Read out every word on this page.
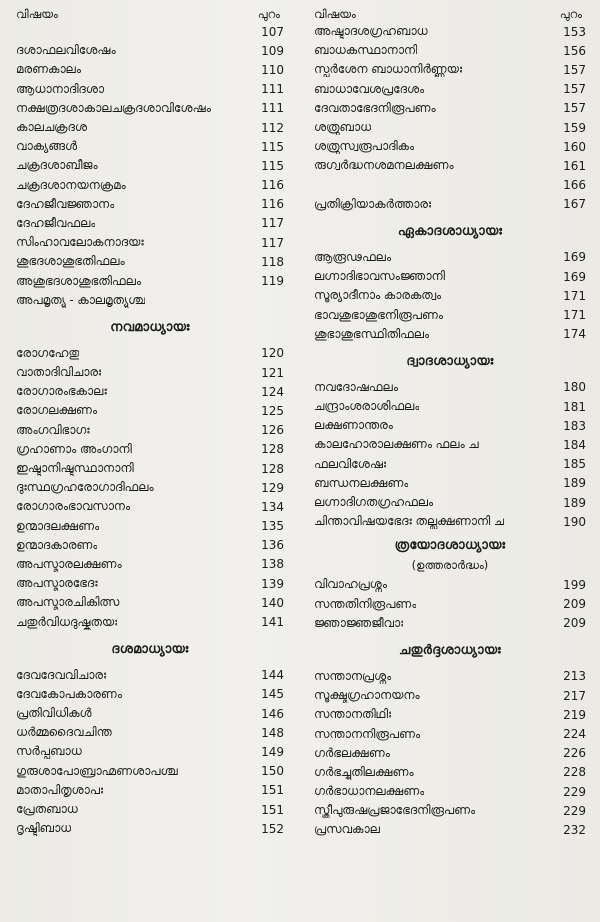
വിഷയം	പുറം
107
ദശാഫലവിശേഷം	109
മരണകാലം	110
ആധാനാദിദശാ	111
നക്ഷത്രദശാകാലചക്രദശാവിശേഷം	111
കാലചക്രദശ	112
വാക്യങ്ങൾ	115
ചക്രദശാബീജം	115
ചക്രദശാനയനക്രമം	116
ദേഹജീവജ്ഞാനം	116
ദേഹജീവഫലം	117
സിംഹാവലോകനാദയഃ	117
ശുഭദശാശുഭതിഫലം	118
അശുഭദശാശുഭതിഫലം	119
അപമൃത്യു - കാലമൃത്യുശ്ച
നവമാധ്യായഃ
രോഗഹേതു	120
വാതാദിവിചാരഃ	121
രോഗാരംഭകാലഃ	124
രോഗലക്ഷണം	125
അംഗവിഭാഗഃ	126
ഗ്രഹാണാം അംഗാനി	128
ഇഷ്ടാനിഷ്ടസ്ഥാനാനി	128
ദുഃസ്ഥഗ്രഹരോഗാദിഫലം	129
രോഗാരംഭാവസാനം	134
ഉന്മാദലക്ഷണം	135
ഉന്മാദകാരണം	136
അപസ്മാരലക്ഷണം	138
അപസ്മാരഭേദഃ	139
അപസ്മാരചികിത്സ	140
ചതുർവിധദുഷ്കൃതയഃ	141
ദശമാധ്യായഃ
ദേവദേവവിചാരഃ	144
ദേവകോപകാരണം	145
പ്രതിവിധികൾ	146
ധർമ്മദൈവചിന്ത	148
സർപ്പബാധ	149
ഗുരുശാപോബ്രാഹ്മണശാപശ്ച	150
മാതാപിതൃശാപഃ	151
പ്രേതബാധ	151
ദൃഷ്ടിബാധ	152
വിഷയം	പുറം
അഷ്ടാദശഗ്രഹബാധ	153
ബാധകസ്ഥാനാനി	156
സ്പർശേന ബാധാനിർണ്ണയഃ	157
ബാധാവേശപ്രദേശം	157
ദേവതാഭേദനിരൂപണം	157
ശത്രുബാധ	159
ശത്രുസ്വരൂപാദികം	160
രുഗ്വർദ്ധനശമനലക്ഷണം	161
166
പ്രതിക്രിയാകർത്താരഃ	167
ഏകാദശാധ്യായഃ
ആരൂഢഫലം	169
ലഗ്നാദിഭാവസംജ്ഞാനി	169
സൂര്യാദീനാം കാരകത്വം	171
ഭാവശുഭാശുഭനിരൂപണം	171
ശുഭാശുഭസ്ഥിതിഫലം	174
ദ്വാദശാധ്യായഃ
നവദോഷഫലം	180
ചന്ദ്രാംശരാശിഫലം	181
ലക്ഷണാന്തരം	183
കാലഹോരാലക്ഷണം ഫലം ച	184
ഫലവിശേഷഃ	185
ബന്ധനലക്ഷണം	189
ലഗ്നാദിഗതഗ്രഹഫലം	189
ചിന്താവിഷയഭേദഃ തല്ലക്ഷണാനി ച	190
ത്രയോദശാധ്യായഃ
(ഉത്തരാർദ്ധം)
വിവാഹപ്രശ്നം	199
സന്തതിനിരൂപണം	209
ജ്ഞാജ്ഞജീവാഃ	209
ചതുർദ്ദശാധ്യായഃ
സന്താനപ്രശ്നം	213
സൂക്ഷ്മഗ്രഹാനയനം	217
സന്താനതിഥിഃ	219
സന്താനനിരൂപണം	224
ഗർഭലക്ഷണം	226
ഗർഭച്ചുതിലക്ഷണം	228
ഗർഭാധാനലക്ഷണം	229
സ്ത്രീപുരുഷപ്രജാഭേദനിരൂപണം	229
പ്രസവകാല	232
